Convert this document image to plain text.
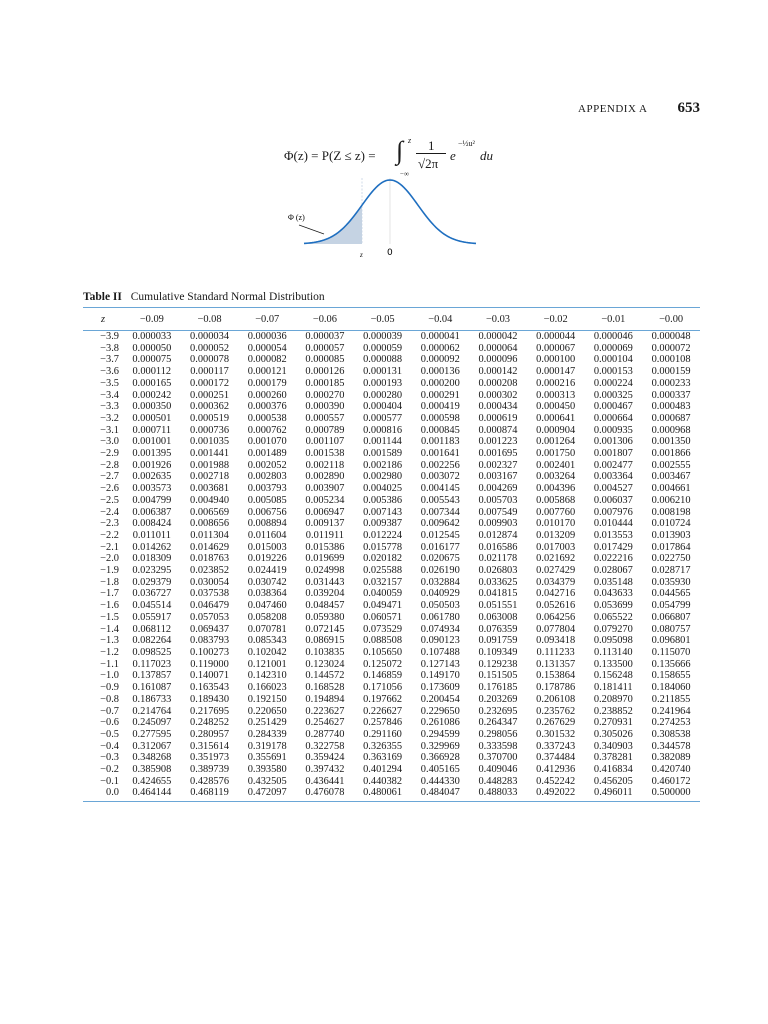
APPENDIX A 653
Φ(z) = P(Z ≤ z) = ∫ z
−∞
1
√2π
e
−½u²
du
Φ (z)
z	0
Table II Cumulative Standard Normal Distribution
z	−0.09	−0.08	−0.07	−0.06	−0.05	−0.04	−0.03	−0.02	−0.01	−0.00
−3.9	0.000033	0.000034	0.000036	0.000037	0.000039	0.000041	0.000042	0.000044	0.000046	0.000048
−3.8	0.000050	0.000052	0.000054	0.000057	0.000059	0.000062	0.000064	0.000067	0.000069	0.000072
−3.7	0.000075	0.000078	0.000082	0.000085	0.000088	0.000092	0.000096	0.000100	0.000104	0.000108
−3.6	0.000112	0.000117	0.000121	0.000126	0.000131	0.000136	0.000142	0.000147	0.000153	0.000159
−3.5	0.000165	0.000172	0.000179	0.000185	0.000193	0.000200	0.000208	0.000216	0.000224	0.000233
−3.4	0.000242	0.000251	0.000260	0.000270	0.000280	0.000291	0.000302	0.000313	0.000325	0.000337
−3.3	0.000350	0.000362	0.000376	0.000390	0.000404	0.000419	0.000434	0.000450	0.000467	0.000483
−3.2	0.000501	0.000519	0.000538	0.000557	0.000577	0.000598	0.000619	0.000641	0.000664	0.000687
−3.1	0.000711	0.000736	0.000762	0.000789	0.000816	0.000845	0.000874	0.000904	0.000935	0.000968
−3.0	0.001001	0.001035	0.001070	0.001107	0.001144	0.001183	0.001223	0.001264	0.001306	0.001350
−2.9	0.001395	0.001441	0.001489	0.001538	0.001589	0.001641	0.001695	0.001750	0.001807	0.001866
−2.8	0.001926	0.001988	0.002052	0.002118	0.002186	0.002256	0.002327	0.002401	0.002477	0.002555
−2.7	0.002635	0.002718	0.002803	0.002890	0.002980	0.003072	0.003167	0.003264	0.003364	0.003467
−2.6	0.003573	0.003681	0.003793	0.003907	0.004025	0.004145	0.004269	0.004396	0.004527	0.004661
−2.5	0.004799	0.004940	0.005085	0.005234	0.005386	0.005543	0.005703	0.005868	0.006037	0.006210
−2.4	0.006387	0.006569	0.006756	0.006947	0.007143	0.007344	0.007549	0.007760	0.007976	0.008198
−2.3	0.008424	0.008656	0.008894	0.009137	0.009387	0.009642	0.009903	0.010170	0.010444	0.010724
−2.2	0.011011	0.011304	0.011604	0.011911	0.012224	0.012545	0.012874	0.013209	0.013553	0.013903
−2.1	0.014262	0.014629	0.015003	0.015386	0.015778	0.016177	0.016586	0.017003	0.017429	0.017864
−2.0	0.018309	0.018763	0.019226	0.019699	0.020182	0.020675	0.021178	0.021692	0.022216	0.022750
−1.9	0.023295	0.023852	0.024419	0.024998	0.025588	0.026190	0.026803	0.027429	0.028067	0.028717
−1.8	0.029379	0.030054	0.030742	0.031443	0.032157	0.032884	0.033625	0.034379	0.035148	0.035930
−1.7	0.036727	0.037538	0.038364	0.039204	0.040059	0.040929	0.041815	0.042716	0.043633	0.044565
−1.6	0.045514	0.046479	0.047460	0.048457	0.049471	0.050503	0.051551	0.052616	0.053699	0.054799
−1.5	0.055917	0.057053	0.058208	0.059380	0.060571	0.061780	0.063008	0.064256	0.065522	0.066807
−1.4	0.068112	0.069437	0.070781	0.072145	0.073529	0.074934	0.076359	0.077804	0.079270	0.080757
−1.3	0.082264	0.083793	0.085343	0.086915	0.088508	0.090123	0.091759	0.093418	0.095098	0.096801
−1.2	0.098525	0.100273	0.102042	0.103835	0.105650	0.107488	0.109349	0.111233	0.113140	0.115070
−1.1	0.117023	0.119000	0.121001	0.123024	0.125072	0.127143	0.129238	0.131357	0.133500	0.135666
−1.0	0.137857	0.140071	0.142310	0.144572	0.146859	0.149170	0.151505	0.153864	0.156248	0.158655
−0.9	0.161087	0.163543	0.166023	0.168528	0.171056	0.173609	0.176185	0.178786	0.181411	0.184060
−0.8	0.186733	0.189430	0.192150	0.194894	0.197662	0.200454	0.203269	0.206108	0.208970	0.211855
−0.7	0.214764	0.217695	0.220650	0.223627	0.226627	0.229650	0.232695	0.235762	0.238852	0.241964
−0.6	0.245097	0.248252	0.251429	0.254627	0.257846	0.261086	0.264347	0.267629	0.270931	0.274253
−0.5	0.277595	0.280957	0.284339	0.287740	0.291160	0.294599	0.298056	0.301532	0.305026	0.308538
−0.4	0.312067	0.315614	0.319178	0.322758	0.326355	0.329969	0.333598	0.337243	0.340903	0.344578
−0.3	0.348268	0.351973	0.355691	0.359424	0.363169	0.366928	0.370700	0.374484	0.378281	0.382089
−0.2	0.385908	0.389739	0.393580	0.397432	0.401294	0.405165	0.409046	0.412936	0.416834	0.420740
−0.1	0.424655	0.428576	0.432505	0.436441	0.440382	0.444330	0.448283	0.452242	0.456205	0.460172
0.0	0.464144	0.468119	0.472097	0.476078	0.480061	0.484047	0.488033	0.492022	0.496011	0.500000
